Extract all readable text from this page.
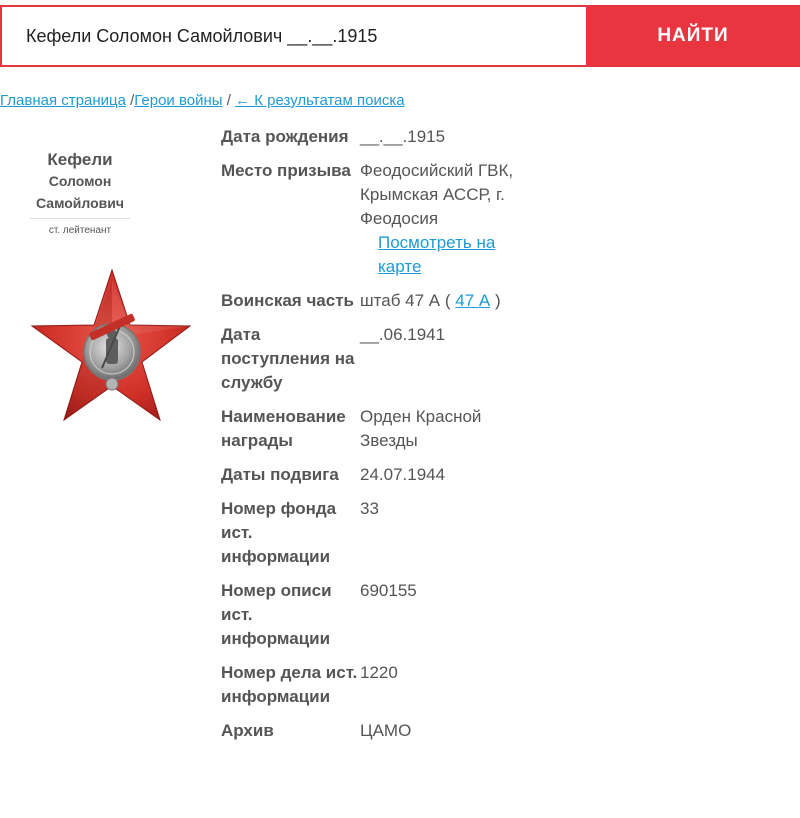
Кефели Соломон Самойлович __.__.1915
НАЙТИ
Главная страница /Герои войны / ← К результатам поиска
Кефели
Соломон
Самойлович
ст. лейтенант
Дата рождения	__.__.1915
Место призыва	Феодосийский ГВК, Крымская АССР, г. Феодосия
Посмотреть на карте

Воинская часть	штаб 47 А ( 47 А )
Дата поступления на службу	__.06.1941
Наименование награды	Орден Красной Звезды
Даты подвига	24.07.1944
Номер фонда ист. информации	33
Номер описи ист. информации	690155
Номер дела ист. информации	1220
Архив	ЦАМО
